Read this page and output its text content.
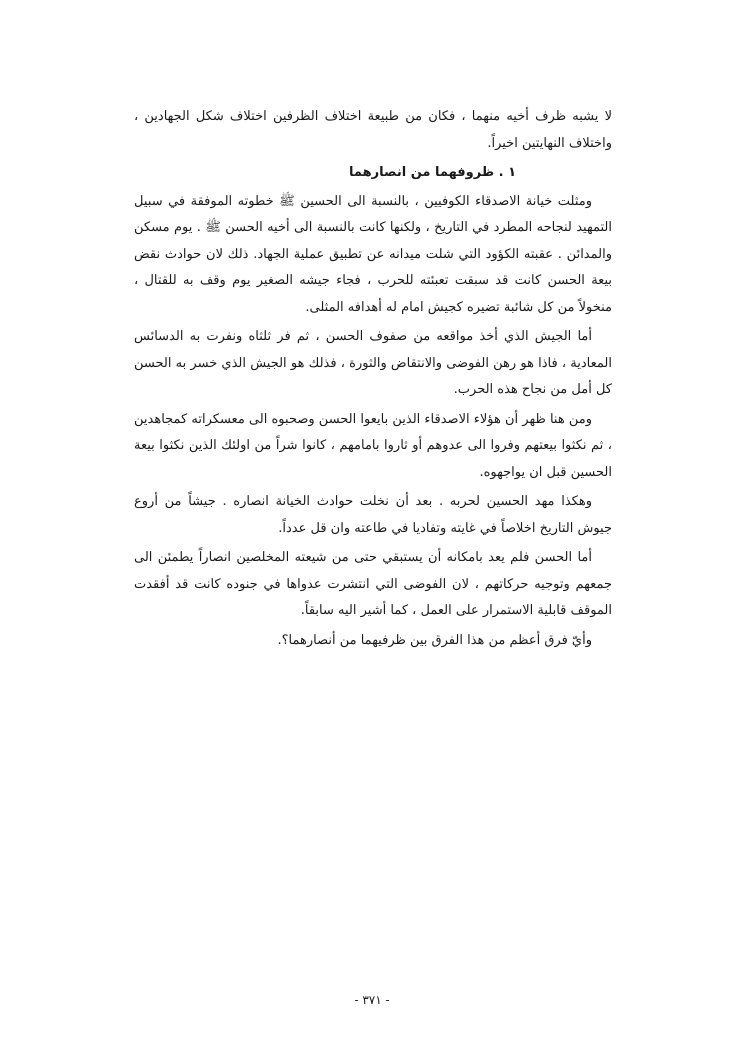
لا يشبه ظرف أخيه منهما ، فكان من طبيعة اختلاف الظرفين اختلاف شكل الجهادين ، واختلاف النهايتين اخيراً.

١ . ظروفهما من انصارهما

ومثلت خيانة الاصدقاء الكوفيين ، بالنسبة الى الحسين ﷺ خطوته الموفقة في سبيل التمهيد لنجاحه المطرد في التاريخ ، ولكنها كانت بالنسبة الى أخيه الحسن ﷺ . يوم مسكن والمدائن . عقبته الكؤود التي شلت ميدانه عن تطبيق عملية الجهاد. ذلك لان حوادث نقض بيعة الحسن كانت قد سبقت تعبئته للحرب ، فجاء جيشه الصغير يوم وقف به للقتال ، منخولاً من كل شائبة تضيره كجيش امام له أهدافه المثلى.

أما الجيش الذي أخذ مواقعه من صفوف الحسن ، ثم فر ثلثاه ونفرت به الدسائس المعادية ، فاذا هو رهن الفوضى والانتقاض والثورة ، فذلك هو الجيش الذي خسر به الحسن كل أمل من نجاح هذه الحرب.

ومن هنا ظهر أن هؤلاء الاصدقاء الذين بايعوا الحسن وصحبوه الى معسكراته كمجاهدين ، ثم نكثوا بيعتهم وفروا الى عدوهم أو ثاروا بامامهم ، كانوا شراً من اولئك الذين نكثوا بيعة الحسين قبل ان يواجهوه.

وهكذا مهد الحسين لحربه . بعد أن نخلت حوادث الخيانة انصاره . جيشاً من أروع جيوش التاريخ اخلاصاً في غايته وتفاديا في طاعته وان قل عدداً.

أما الحسن فلم يعد بامكانه أن يستبقي حتى من شيعته المخلصين انصاراً يطمئن الى جمعهم وتوجيه حركاتهم ، لان الفوضى التي انتشرت عدواها في جنوده كانت قد أفقدت الموقف قابلية الاستمرار على العمل ، كما أشير اليه سابقاً.

وأيّ فرق أعظم من هذا الفرق بين ظرفيهما من أنصارهما؟.

- ٣٧١ -
